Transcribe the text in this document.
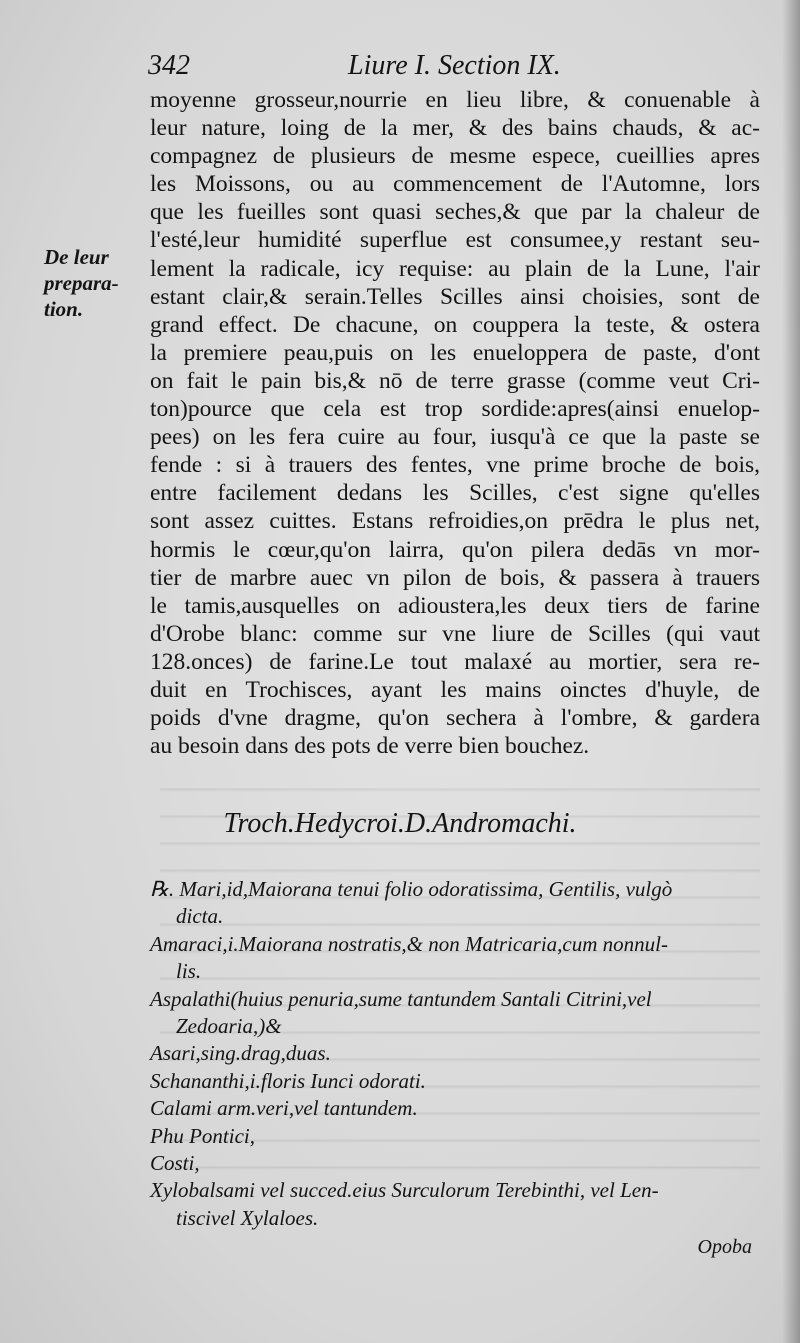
342	Liure I. Section IX.
De leur
prepara-
tion.
moyenne grosseur,nourrie en lieu libre, & conuenable à
leur nature, loing de la mer, & des bains chauds, & ac-
compagnez de plusieurs de mesme espece, cueillies apres
les Moissons, ou au commencement de l'Automne, lors
que les fueilles sont quasi seches,& que par la chaleur de
l'esté,leur humidité superflue est consumee,y restant seu-
lement la radicale, icy requise: au plain de la Lune, l'air
estant clair,& serain.Telles Scilles ainsi choisies, sont de
grand effect. De chacune, on couppera la teste, & ostera
la premiere peau,puis on les enueloppera de paste, d'ont
on fait le pain bis,& nō de terre grasse (comme veut Cri-
ton)pource que cela est trop sordide:apres(ainsi enuelop-
pees) on les fera cuire au four, iusqu'à ce que la paste se
fende : si à trauers des fentes, vne prime broche de bois,
entre facilement dedans les Scilles, c'est signe qu'elles
sont assez cuittes. Estans refroidies,on prēdra le plus net,
hormis le cœur,qu'on lairra, qu'on pilera dedās vn mor-
tier de marbre auec vn pilon de bois, & passera à trauers
le tamis,ausquelles on adioustera,les deux tiers de farine
d'Orobe blanc: comme sur vne liure de Scilles (qui vaut
128.onces) de farine.Le tout malaxé au mortier, sera re-
duit en Trochisces, ayant les mains oinctes d'huyle, de
poids d'vne dragme, qu'on sechera à l'ombre, & gardera
au besoin dans des pots de verre bien bouchez.
Troch.Hedycroi.D.Andromachi.
℞. Mari,id,Maiorana tenui folio odoratissima, Gentilis, vulgò
dicta.
Amaraci,i.Maiorana nostratis,& non Matricaria,cum nonnul-
lis.
Aspalathi(huius penuria,sume tantundem Santali Citrini,vel
Zedoaria,)&
Asari,sing.drag,duas.
Schananthi,i.floris Iunci odorati.
Calami arm.veri,vel tantundem.
Phu Pontici,
Costi,
Xylobalsami vel succed.eius Surculorum Terebinthi, vel Len-
tiscivel Xylaloes.
Opoba
